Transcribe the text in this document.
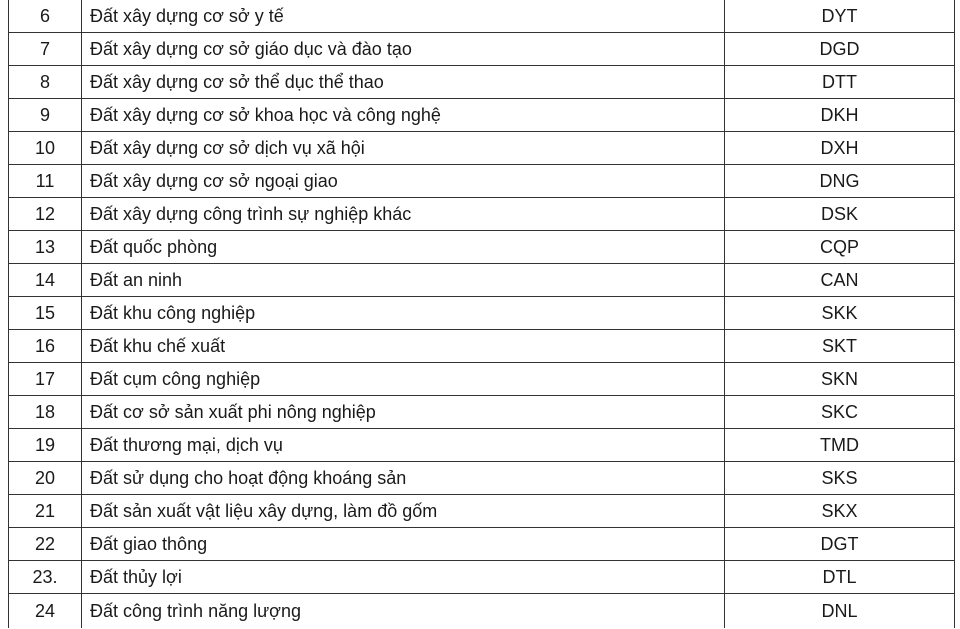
6	Đất xây dựng cơ sở y tế	DYT
7	Đất xây dựng cơ sở giáo dục và đào tạo	DGD
8	Đất xây dựng cơ sở thể dục thể thao	DTT
9	Đất xây dựng cơ sở khoa học và công nghệ	DKH
10	Đất xây dựng cơ sở dịch vụ xã hội	DXH
11	Đất xây dựng cơ sở ngoại giao	DNG
12	Đất xây dựng công trình sự nghiệp khác	DSK
13	Đất quốc phòng	CQP
14	Đất an ninh	CAN
15	Đất khu công nghiệp	SKK
16	Đất khu chế xuất	SKT
17	Đất cụm công nghiệp	SKN
18	Đất cơ sở sản xuất phi nông nghiệp	SKC
19	Đất thương mại, dịch vụ	TMD
20	Đất sử dụng cho hoạt động khoáng sản	SKS
21	Đất sản xuất vật liệu xây dựng, làm đồ gốm	SKX
22	Đất giao thông	DGT
23.	Đất thủy lợi	DTL
24	Đất công trình năng lượng	DNL
